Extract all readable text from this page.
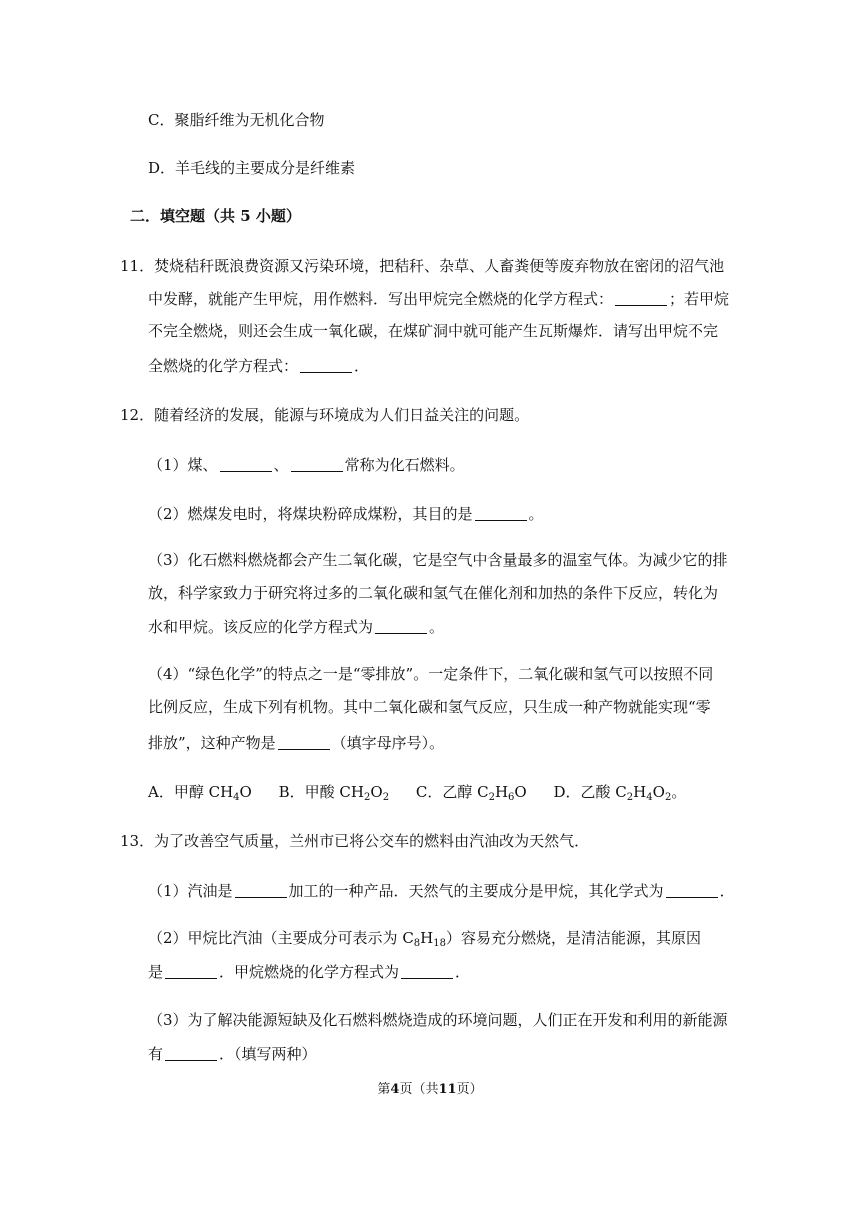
C．聚脂纤维为无机化合物
D．羊毛线的主要成分是纤维素
二．填空题（共 5 小题）
11．焚烧秸秆既浪费资源又污染环境，把秸秆、杂草、人畜粪便等废弃物放在密闭的沼气池
中发酵，就能产生甲烷，用作燃料．写出甲烷完全燃烧的化学方程式：	；若甲烷
不完全燃烧，则还会生成一氧化碳，在煤矿洞中就可能产生瓦斯爆炸．请写出甲烷不完
全燃烧的化学方程式：	．
12．随着经济的发展，能源与环境成为人们日益关注的问题。
（1）煤、	、	常称为化石燃料。
（2）燃煤发电时，将煤块粉碎成煤粉，其目的是	。
（3）化石燃料燃烧都会产生二氧化碳，它是空气中含量最多的温室气体。为减少它的排
放，科学家致力于研究将过多的二氧化碳和氢气在催化剂和加热的条件下反应，转化为
水和甲烷。该反应的化学方程式为	。
（4）“绿色化学”的特点之一是“零排放”。一定条件下，二氧化碳和氢气可以按照不同
比例反应，生成下列有机物。其中二氧化碳和氢气反应，只生成一种产物就能实现“零
排放”，这种产物是	（填字母序号）。
A．甲醇 $CH_4O$ B．甲酸 $CH_2O_2$ C．乙醇 $C_2H_6O$ D．乙酸 $C_2H_4O_2$。
13．为了改善空气质量，兰州市已将公交车的燃料由汽油改为天然气．
（1）汽油是	加工的一种产品．天然气的主要成分是甲烷，其化学式为	．
（2）甲烷比汽油（主要成分可表示为 $C_8H_{18}$）容易充分燃烧，是清洁能源，其原因
是	．甲烷燃烧的化学方程式为	．
（3）为了解决能源短缺及化石燃料燃烧造成的环境问题，人们正在开发和利用的新能源
有	．（填写两种）
第4页（共11页）
